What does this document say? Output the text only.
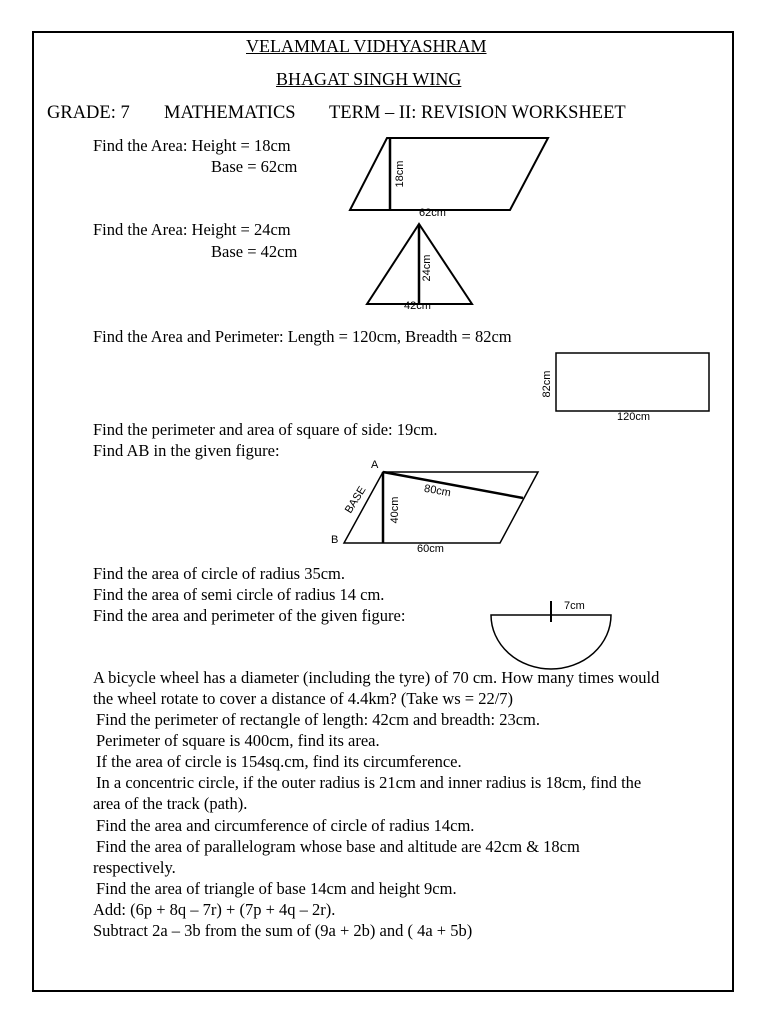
VELAMMAL VIDHYASHRAM
BHAGAT SINGH WING
GRADE: 7 MATHEMATICS TERM – II: REVISION WORKSHEET
Find the Area: Height = 18cm
Base = 62cm
Find the Area: Height = 24cm
Base = 42cm
Find the Area and Perimeter: Length = 120cm, Breadth = 82cm
Find the perimeter and area of square of side: 19cm.
Find AB in the given figure:
Find the area of circle of radius 35cm.
Find the area of semi circle of radius 14 cm.
Find the area and perimeter of the given figure:
A bicycle wheel has a diameter (including the tyre) of 70 cm. How many times would
the wheel rotate to cover a distance of 4.4km? (Take ws = 22/7)
Find the perimeter of rectangle of length: 42cm and breadth: 23cm.
Perimeter of square is 400cm, find its area.
If the area of circle is 154sq.cm, find its circumference.
In a concentric circle, if the outer radius is 21cm and inner radius is 18cm, find the
area of the track (path).
Find the area and circumference of circle of radius 14cm.
Find the area of parallelogram whose base and altitude are 42cm & 18cm
respectively.
Find the area of triangle of base 14cm and height 9cm.
Add: (6p + 8q – 7r) + (7p + 4q – 2r).
Subtract 2a – 3b from the sum of (9a + 2b) and ( 4a + 5b)
18cm
62cm
24cm
42cm
82cm
120cm
A
B
BASE 40cm
80cm
60cm
7cm
